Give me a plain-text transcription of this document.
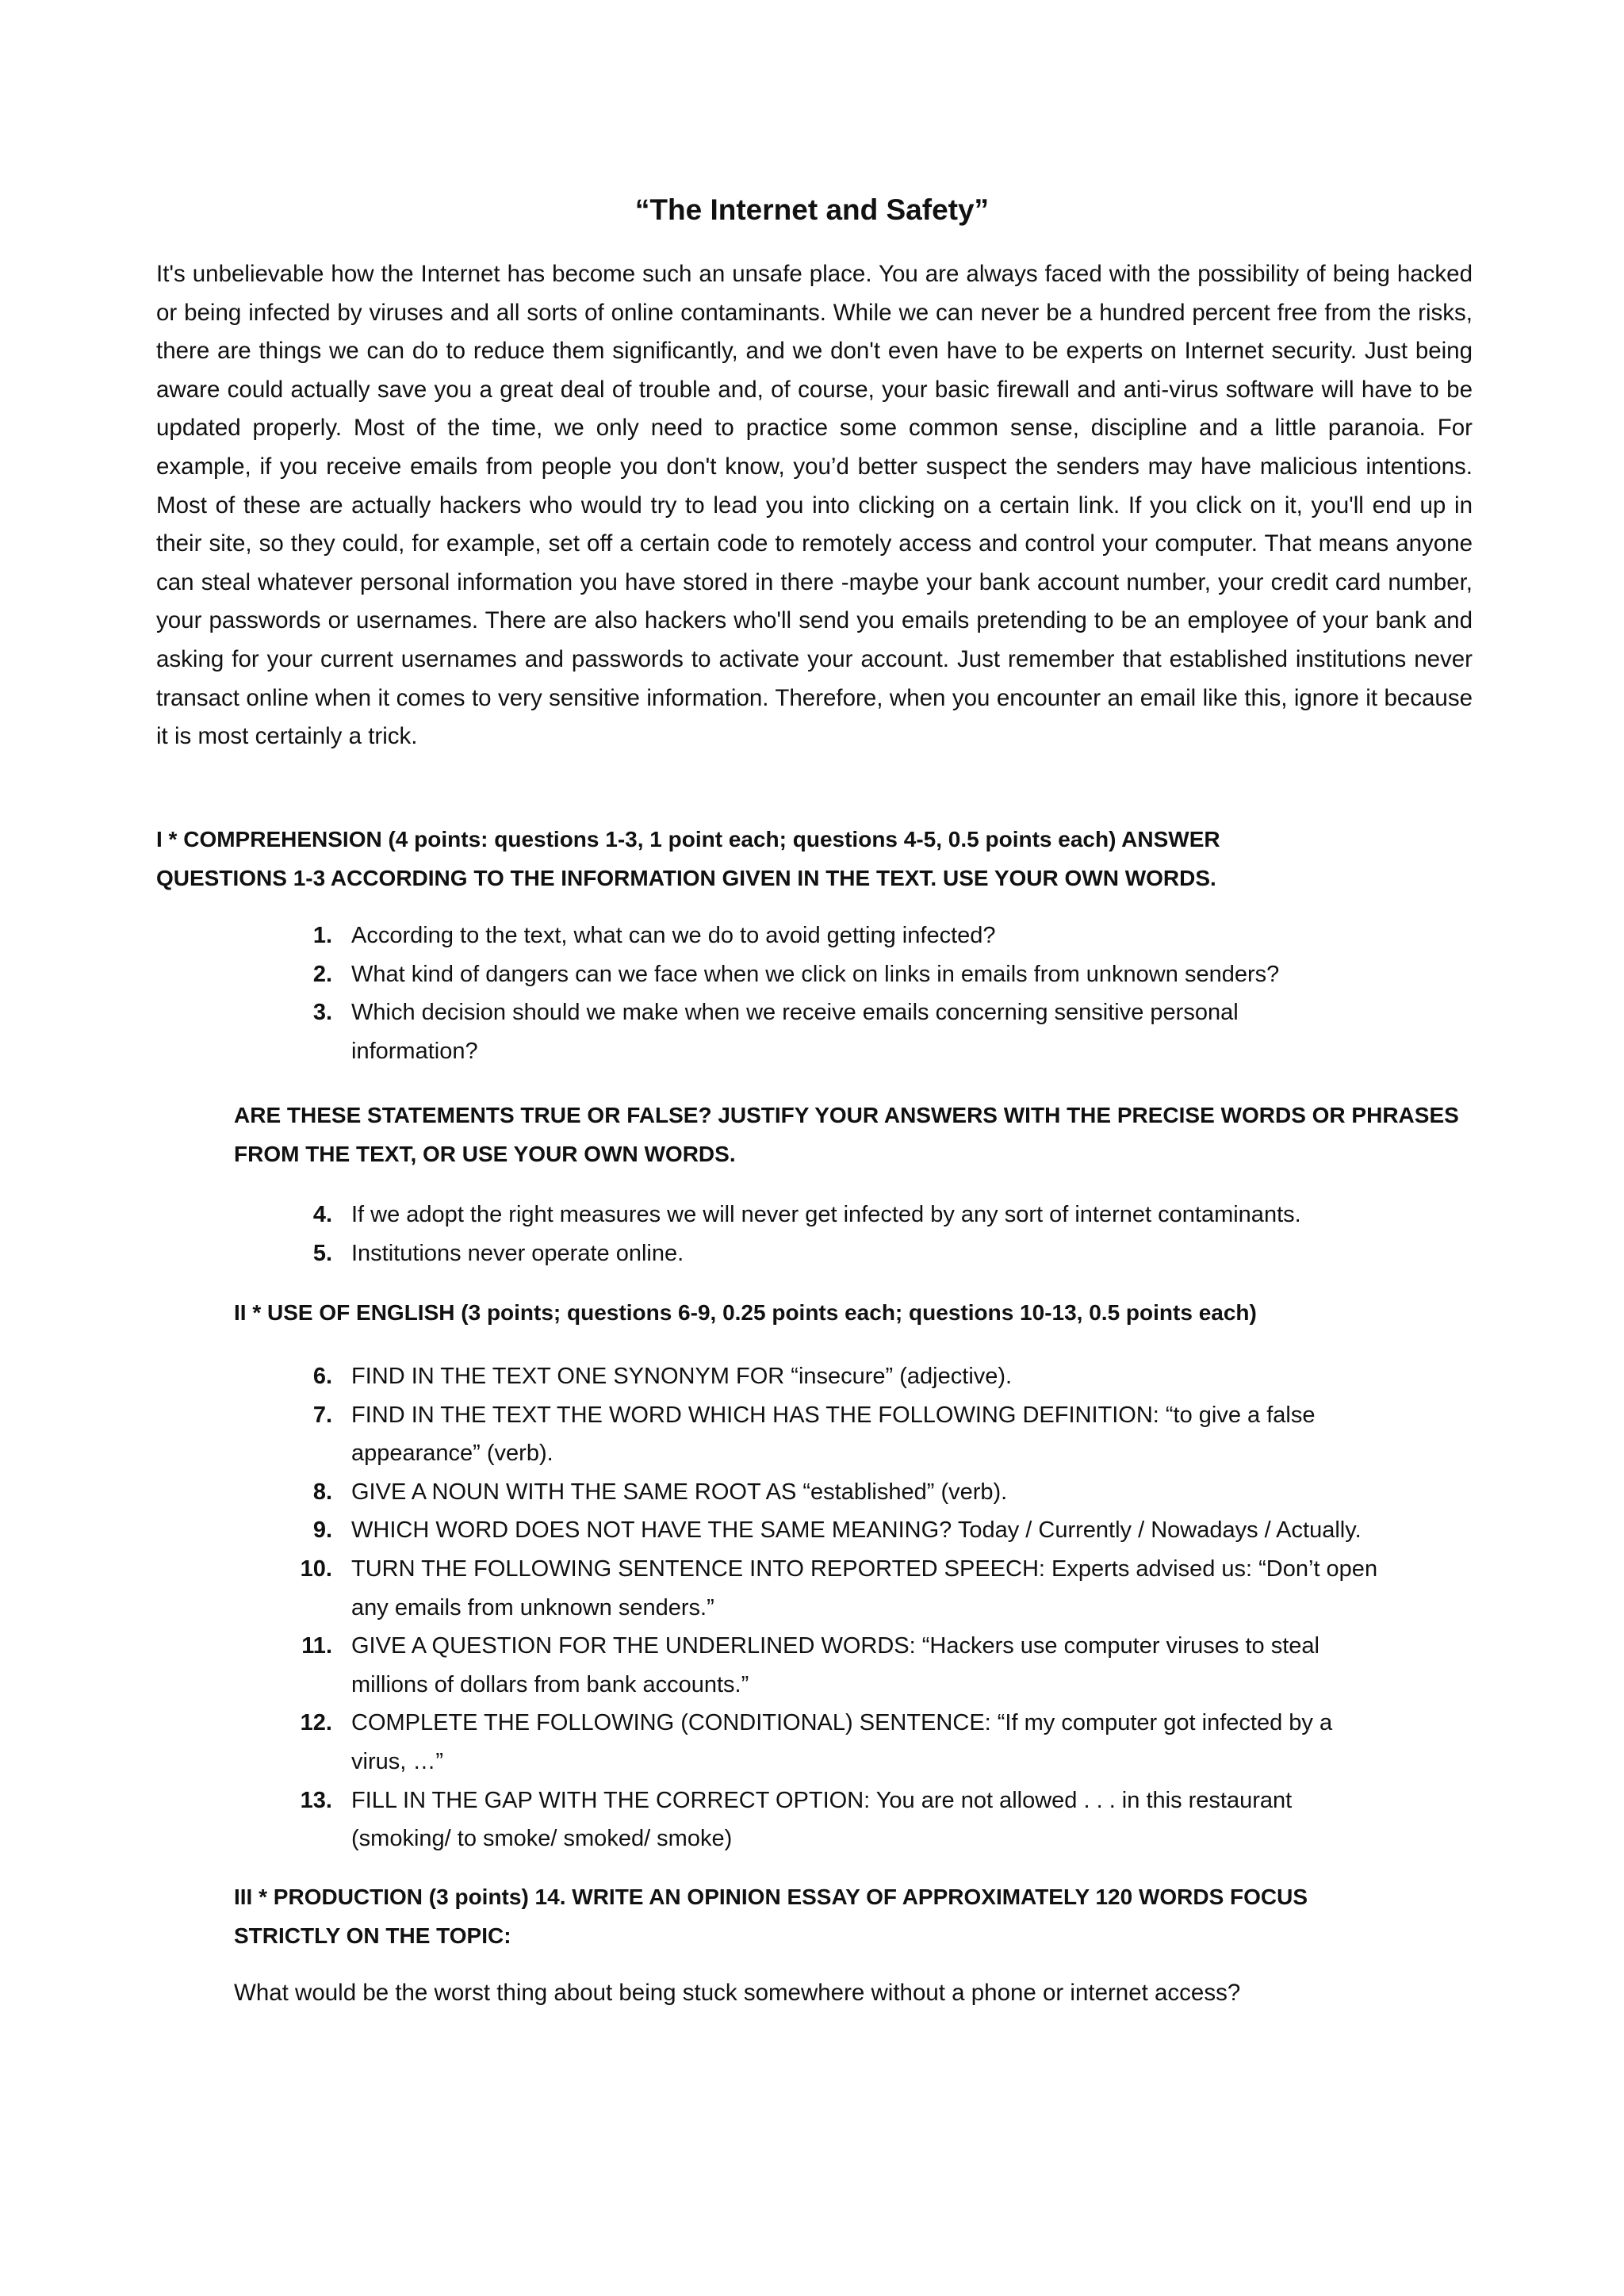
“The Internet and Safety”

It's unbelievable how the Internet has become such an unsafe place. You are always faced with the possibility of being hacked or being infected by viruses and all sorts of online contaminants. While we can never be a hundred percent free from the risks, there are things we can do to reduce them significantly, and we don't even have to be experts on Internet security. Just being aware could actually save you a great deal of trouble and, of course, your basic firewall and anti-virus software will have to be updated properly. Most of the time, we only need to practice some common sense, discipline and a little paranoia. For example, if you receive emails from people you don't know, you’d better suspect the senders may have malicious intentions. Most of these are actually hackers who would try to lead you into clicking on a certain link. If you click on it, you'll end up in their site, so they could, for example, set off a certain code to remotely access and control your computer. That means anyone can steal whatever personal information you have stored in there -maybe your bank account number, your credit card number, your passwords or usernames. There are also hackers who'll send you emails pretending to be an employee of your bank and asking for your current usernames and passwords to activate your account. Just remember that established institutions never transact online when it comes to very sensitive information. Therefore, when you encounter an email like this, ignore it because it is most certainly a trick.

I * COMPREHENSION (4 points: questions 1-3, 1 point each; questions 4-5, 0.5 points each) ANSWER
QUESTIONS 1-3 ACCORDING TO THE INFORMATION GIVEN IN THE TEXT. USE YOUR OWN WORDS.
1. According to the text, what can we do to avoid getting infected?
2. What kind of dangers can we face when we click on links in emails from unknown senders?
3. Which decision should we make when we receive emails concerning sensitive personal information?
ARE THESE STATEMENTS TRUE OR FALSE? JUSTIFY YOUR ANSWERS WITH THE PRECISE WORDS OR PHRASES
FROM THE TEXT, OR USE YOUR OWN WORDS.
4. If we adopt the right measures we will never get infected by any sort of internet contaminants.
5. Institutions never operate online.
II * USE OF ENGLISH (3 points; questions 6-9, 0.25 points each; questions 10-13, 0.5 points each)
6. FIND IN THE TEXT ONE SYNONYM FOR “insecure” (adjective).
7. FIND IN THE TEXT THE WORD WHICH HAS THE FOLLOWING DEFINITION: “to give a false appearance” (verb).
8. GIVE A NOUN WITH THE SAME ROOT AS “established” (verb).
9. WHICH WORD DOES NOT HAVE THE SAME MEANING? Today / Currently / Nowadays / Actually.
10. TURN THE FOLLOWING SENTENCE INTO REPORTED SPEECH: Experts advised us: “Don’t open any emails from unknown senders.”
11. GIVE A QUESTION FOR THE UNDERLINED WORDS: “Hackers use computer viruses to steal millions of dollars from bank accounts.”
12. COMPLETE THE FOLLOWING (CONDITIONAL) SENTENCE: “If my computer got infected by a virus, …”
13. FILL IN THE GAP WITH THE CORRECT OPTION: You are not allowed . . . in this restaurant (smoking/ to smoke/ smoked/ smoke)
III * PRODUCTION (3 points) 14. WRITE AN OPINION ESSAY OF APPROXIMATELY 120 WORDS FOCUS
STRICTLY ON THE TOPIC:

What would be the worst thing about being stuck somewhere without a phone or internet access?
